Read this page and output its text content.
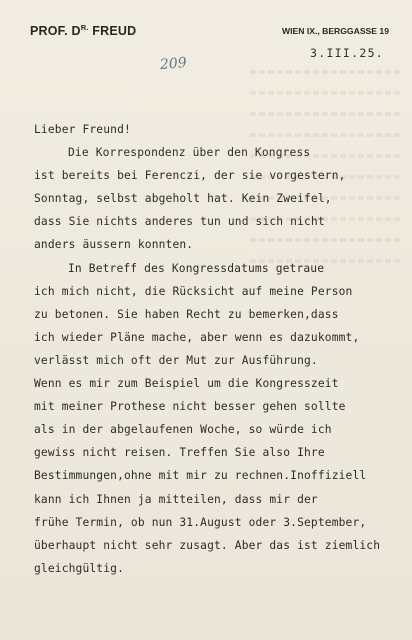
PROF. $D^{R.}$ FREUD	WIEN IX., BERGGASSE 19
3.III.25.
209
Lieber Freund!
Die Korrespondenz über den Kongress
ist bereits bei Ferenczi, der sie vorgestern,
Sonntag, selbst abgeholt hat. Kein Zweifel,
dass Sie nichts anderes tun und sich nicht
anders äussern konnten.
In Betreff des Kongressdatums getraue
ich mich nicht, die Rücksicht auf meine Person
zu betonen. Sie haben Recht zu bemerken,dass
ich wieder Pläne mache, aber wenn es dazukommt,
verlässt mich oft der Mut zur Ausführung.
Wenn es mir zum Beispiel um die Kongresszeit
mit meiner Prothese nicht besser gehen sollte
als in der abgelaufenen Woche, so würde ich
gewiss nicht reisen. Treffen Sie also Ihre
Bestimmungen,ohne mit mir zu rechnen.Inoffiziell
kann ich Ihnen ja mitteilen, dass mir der
frühe Termin, ob nun 31.August oder 3.September,
überhaupt nicht sehr zusagt. Aber das ist ziemlich
gleichgültig.
